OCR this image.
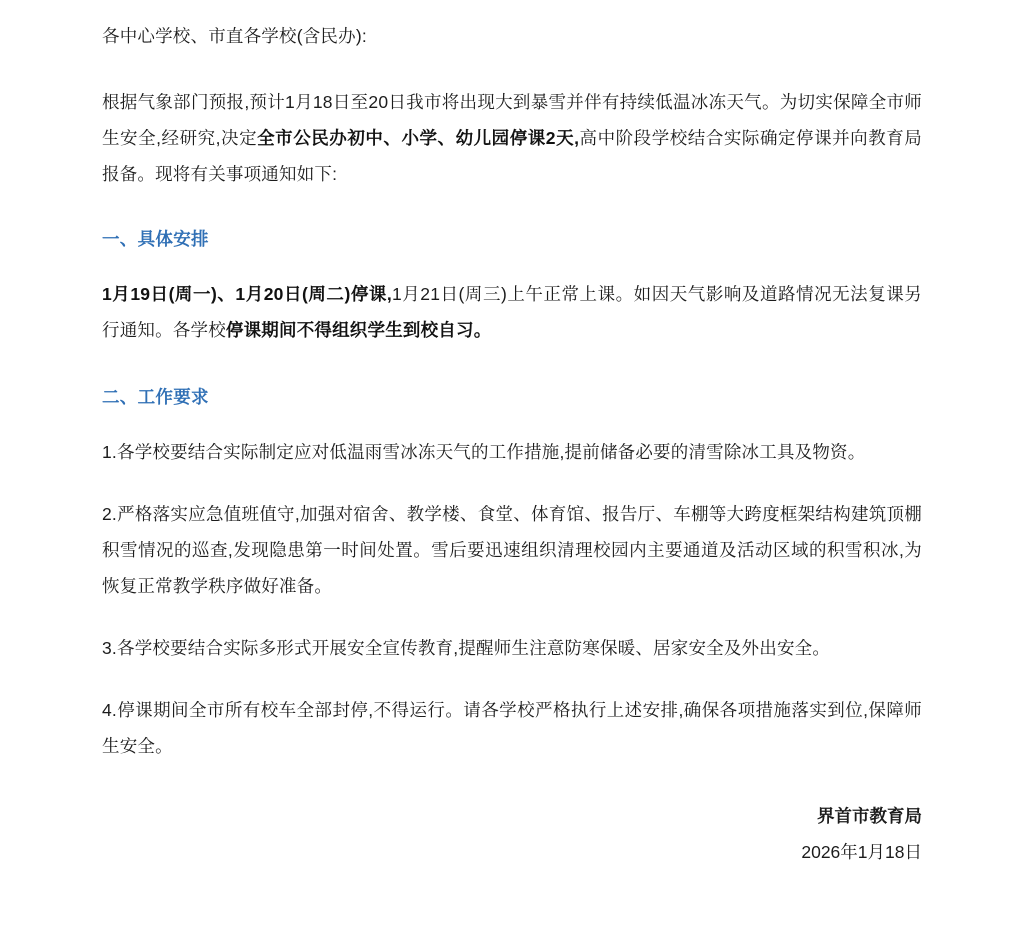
各中心学校、市直各学校(含民办):

根据气象部门预报,预计1月18日至20日我市将出现大到暴雪并伴有持续低温冰冻天气。为切实保障全市师生安全,经研究,决定全市公民办初中、小学、幼儿园停课2天,高中阶段学校结合实际确定停课并向教育局报备。现将有关事项通知如下:

一、具体安排

1月19日(周一)、1月20日(周二)停课,1月21日(周三)上午正常上课。如因天气影响及道路情况无法复课另行通知。各学校停课期间不得组织学生到校自习。

二、工作要求

1.各学校要结合实际制定应对低温雨雪冰冻天气的工作措施,提前储备必要的清雪除冰工具及物资。

2.严格落实应急值班值守,加强对宿舍、教学楼、食堂、体育馆、报告厅、车棚等大跨度框架结构建筑顶棚积雪情况的巡查,发现隐患第一时间处置。雪后要迅速组织清理校园内主要通道及活动区域的积雪积冰,为恢复正常教学秩序做好准备。

3.各学校要结合实际多形式开展安全宣传教育,提醒师生注意防寒保暖、居家安全及外出安全。

4.停课期间全市所有校车全部封停,不得运行。请各学校严格执行上述安排,确保各项措施落实到位,保障师生安全。

界首市教育局
2026年1月18日
